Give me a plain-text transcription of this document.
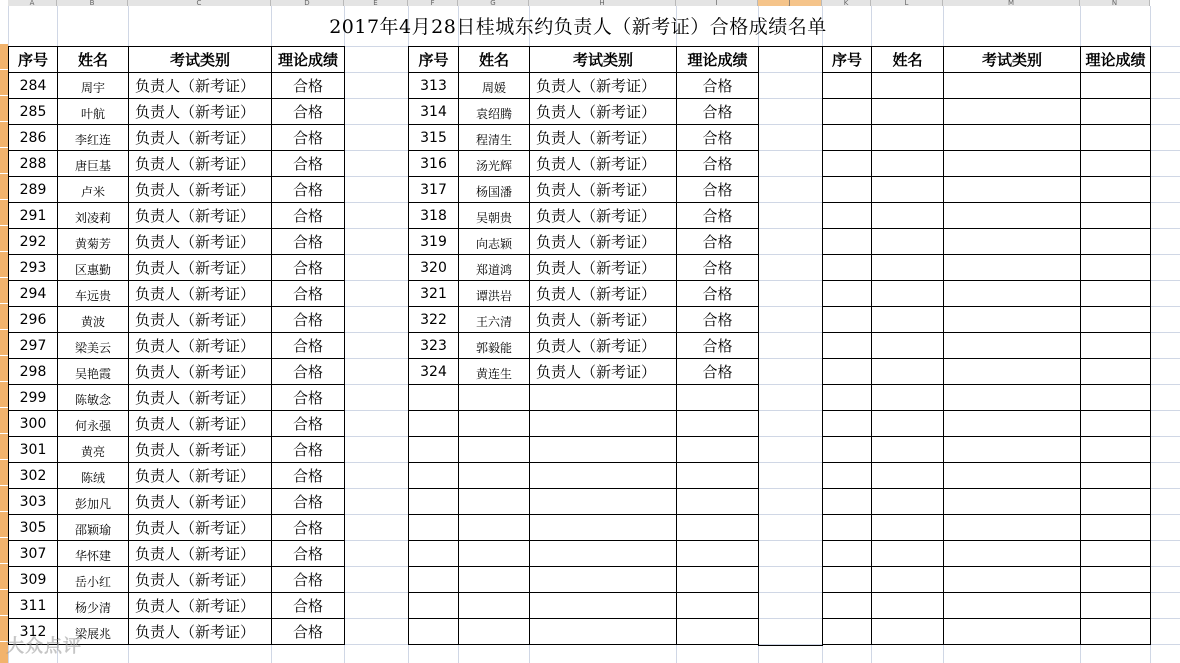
A	B	C	D	E	F	G	H	I	J	K	L	M	N
2017年4月28日桂城东约负责人（新考证）合格成绩名单
序号	姓名	考试类别	理论成绩
284	周宇	负责人（新考证）	合格
285	叶航	负责人（新考证）	合格
286	李红连	负责人（新考证）	合格
288	唐巨基	负责人（新考证）	合格
289	卢米	负责人（新考证）	合格
291	刘凌莉	负责人（新考证）	合格
292	黄菊芳	负责人（新考证）	合格
293	区惠勤	负责人（新考证）	合格
294	车远贵	负责人（新考证）	合格
296	黄波	负责人（新考证）	合格
297	梁美云	负责人（新考证）	合格
298	吴艳霞	负责人（新考证）	合格
299	陈敏念	负责人（新考证）	合格
300	何永强	负责人（新考证）	合格
301	黄亮	负责人（新考证）	合格
302	陈绒	负责人（新考证）	合格
303	彭加凡	负责人（新考证）	合格
305	邵颖瑜	负责人（新考证）	合格
307	华怀建	负责人（新考证）	合格
309	岳小红	负责人（新考证）	合格
311	杨少清	负责人（新考证）	合格
312	梁展兆	负责人（新考证）	合格
序号	姓名	考试类别	理论成绩
313	周媛	负责人（新考证）	合格
314	袁绍腾	负责人（新考证）	合格
315	程清生	负责人（新考证）	合格
316	汤光辉	负责人（新考证）	合格
317	杨国潘	负责人（新考证）	合格
318	吴朝贵	负责人（新考证）	合格
319	向志颖	负责人（新考证）	合格
320	郑道鸿	负责人（新考证）	合格
321	谭洪岩	负责人（新考证）	合格
322	王六清	负责人（新考证）	合格
323	郭毅能	负责人（新考证）	合格
324	黄连生	负责人（新考证）	合格
序号	姓名	考试类别	理论成绩
大众点评
